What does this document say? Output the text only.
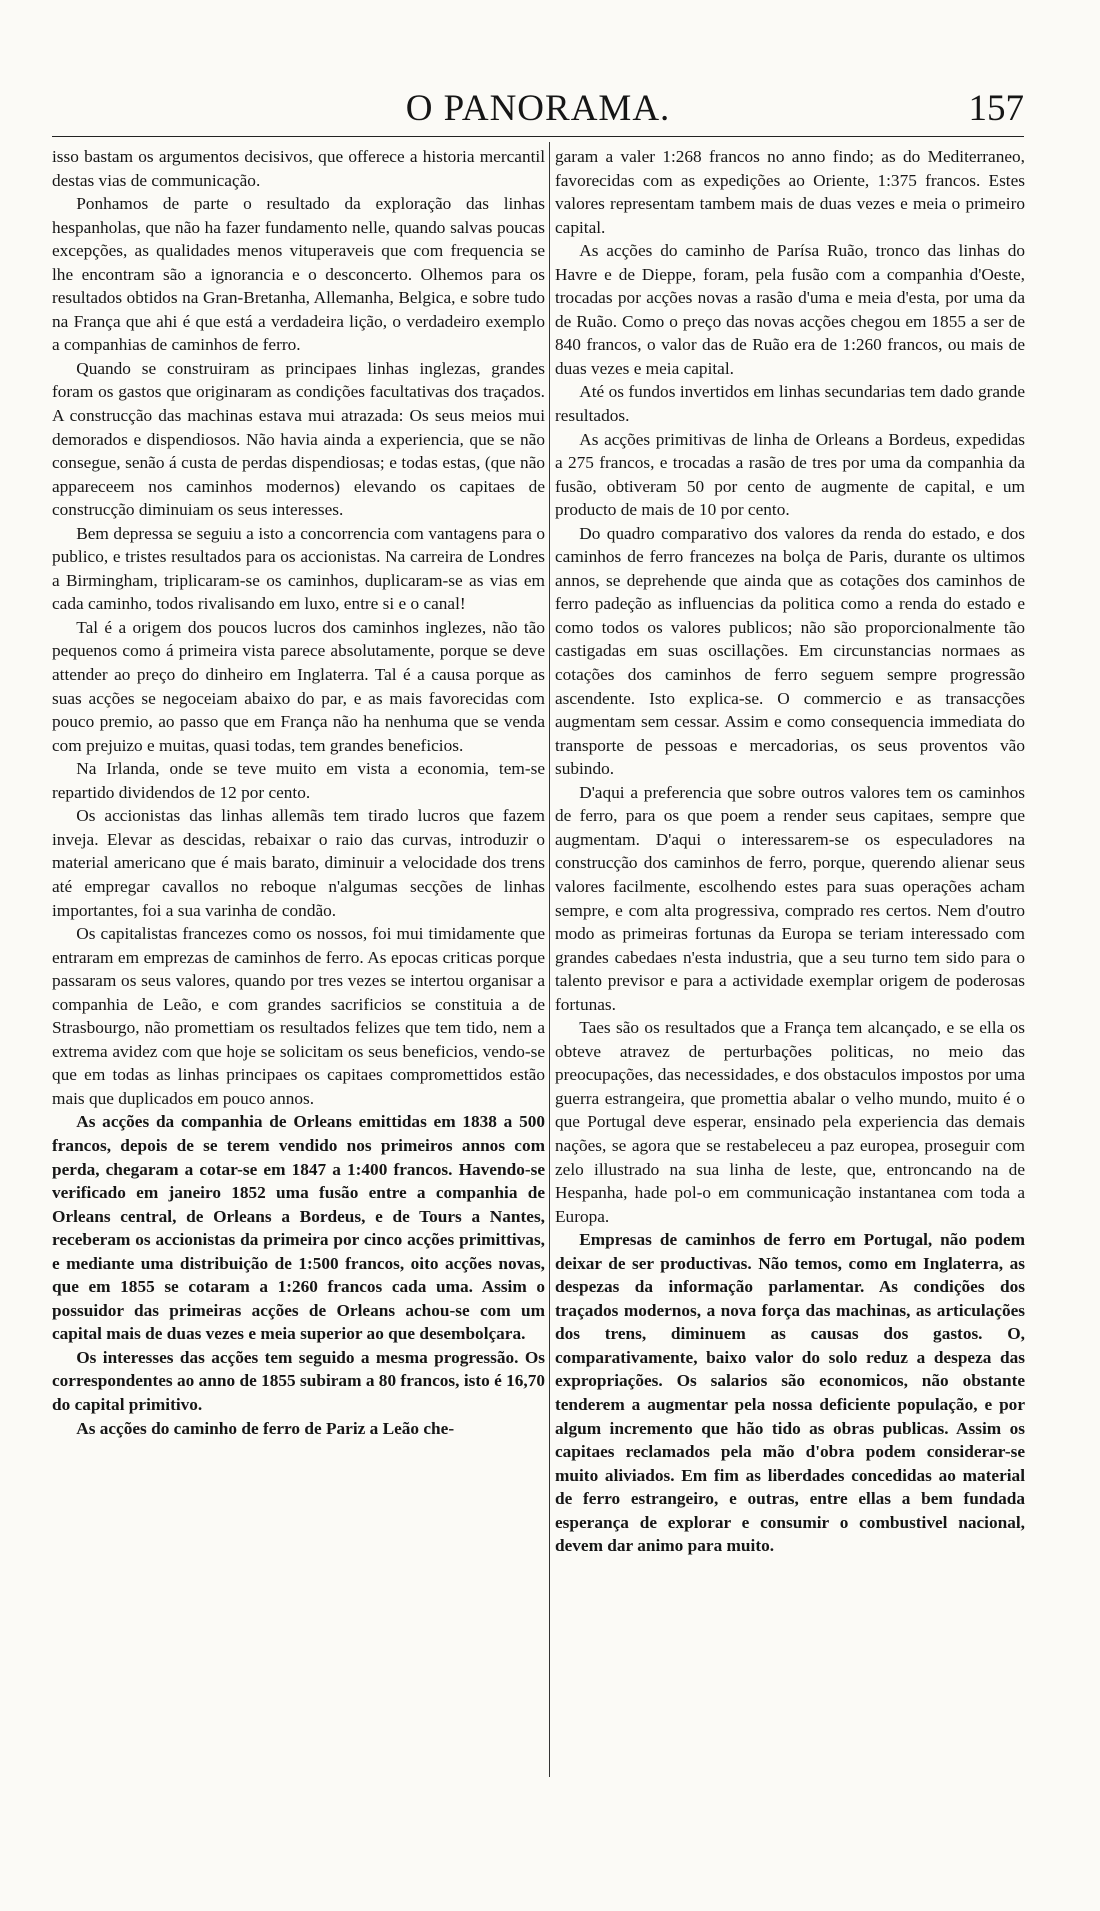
O PANORAMA.	157

isso bastam os argumentos decisivos, que offerece a historia mercantil destas vias de communicação.

Ponhamos de parte o resultado da exploração das linhas hespanholas, que não ha fazer fundamento nelle, quando salvas poucas excepções, as qualidades menos vituperaveis que com frequencia se lhe encontram são a ignorancia e o desconcerto. Olhemos para os resultados obtidos na Gran-Bretanha, Allemanha, Belgica, e sobre tudo na França que ahi é que está a verdadeira lição, o verdadeiro exemplo a companhias de caminhos de ferro.

Quando se construiram as principaes linhas inglezas, grandes foram os gastos que originaram as condições facultativas dos traçados. A construcção das machinas estava mui atrazada: Os seus meios mui demorados e dispendiosos. Não havia ainda a experiencia, que se não consegue, senão á custa de perdas dispendiosas; e todas estas, (que não appareceem nos caminhos modernos) elevando os capitaes de construcção diminuiam os seus interesses.

Bem depressa se seguiu a isto a concorrencia com vantagens para o publico, e tristes resultados para os accionistas. Na carreira de Londres a Birmingham, triplicaram-se os caminhos, duplicaram-se as vias em cada caminho, todos rivalisando em luxo, entre si e o canal!

Tal é a origem dos poucos lucros dos caminhos inglezes, não tão pequenos como á primeira vista parece absolutamente, porque se deve attender ao preço do dinheiro em Inglaterra. Tal é a causa porque as suas acções se negoceiam abaixo do par, e as mais favorecidas com pouco premio, ao passo que em França não ha nenhuma que se venda com prejuizo e muitas, quasi todas, tem grandes beneficios.

Na Irlanda, onde se teve muito em vista a economia, tem-se repartido dividendos de 12 por cento.

Os accionistas das linhas allemãs tem tirado lucros que fazem inveja. Elevar as descidas, rebaixar o raio das curvas, introduzir o material americano que é mais barato, diminuir a velocidade dos trens até empregar cavallos no reboque n'algumas secções de linhas importantes, foi a sua varinha de condão.

Os capitalistas francezes como os nossos, foi mui timidamente que entraram em emprezas de caminhos de ferro. As epocas criticas porque passaram os seus valores, quando por tres vezes se intertou organisar a companhia de Leão, e com grandes sacrificios se constituia a de Strasbourgo, não promettiam os resultados felizes que tem tido, nem a extrema avidez com que hoje se solicitam os seus beneficios, vendo-se que em todas as linhas principaes os capitaes compromettidos estão mais que duplicados em pouco annos.

As acções da companhia de Orleans emittidas em 1838 a 500 francos, depois de se terem vendido nos primeiros annos com perda, chegaram a cotar-se em 1847 a 1:400 francos. Havendo-se verificado em janeiro 1852 uma fusão entre a companhia de Orleans central, de Orleans a Bordeus, e de Tours a Nantes, receberam os accionistas da primeira por cinco acções primittivas, e mediante uma distribuição de 1:500 francos, oito acções novas, que em 1855 se cotaram a 1:260 francos cada uma. Assim o possuidor das primeiras acções de Orleans achou-se com um capital mais de duas vezes e meia superior ao que desembolçara.

Os interesses das acções tem seguido a mesma progressão. Os correspondentes ao anno de 1855 subiram a 80 francos, isto é 16,70 do capital primitivo.

As acções do caminho de ferro de Pariz a Leão che-

garam a valer 1:268 francos no anno findo; as do Mediterraneo, favorecidas com as expedições ao Oriente, 1:375 francos. Estes valores representam tambem mais de duas vezes e meia o primeiro capital.

As acções do caminho de Parísa Ruão, tronco das linhas do Havre e de Dieppe, foram, pela fusão com a companhia d'Oeste, trocadas por acções novas a rasão d'uma e meia d'esta, por uma da de Ruão. Como o preço das novas acções chegou em 1855 a ser de 840 francos, o valor das de Ruão era de 1:260 francos, ou mais de duas vezes e meia capital.

Até os fundos invertidos em linhas secundarias tem dado grande resultados.

As acções primitivas de linha de Orleans a Bordeus, expedidas a 275 francos, e trocadas a rasão de tres por uma da companhia da fusão, obtiveram 50 por cento de augmente de capital, e um producto de mais de 10 por cento.

Do quadro comparativo dos valores da renda do estado, e dos caminhos de ferro francezes na bolça de Paris, durante os ultimos annos, se deprehende que ainda que as cotações dos caminhos de ferro padeção as influencias da politica como a renda do estado e como todos os valores publicos; não são proporcionalmente tão castigadas em suas oscillações. Em circunstancias normaes as cotações dos caminhos de ferro seguem sempre progressão ascendente. Isto explica-se. O commercio e as transacções augmentam sem cessar. Assim e como consequencia immediata do transporte de pessoas e mercadorias, os seus proventos vão subindo.

D'aqui a preferencia que sobre outros valores tem os caminhos de ferro, para os que poem a render seus capitaes, sempre que augmentam. D'aqui o interessarem-se os especuladores na construcção dos caminhos de ferro, porque, querendo alienar seus valores facilmente, escolhendo estes para suas operações acham sempre, e com alta progressiva, comprado res certos. Nem d'outro modo as primeiras fortunas da Europa se teriam interessado com grandes cabedaes n'esta industria, que a seu turno tem sido para o talento previsor e para a actividade exemplar origem de poderosas fortunas.

Taes são os resultados que a França tem alcançado, e se ella os obteve atravez de perturbações politicas, no meio das preocupações, das necessidades, e dos obstaculos impostos por uma guerra estrangeira, que promettia abalar o velho mundo, muito é o que Portugal deve esperar, ensinado pela experiencia das demais nações, se agora que se restabeleceu a paz europea, proseguir com zelo illustrado na sua linha de leste, que, entroncando na de Hespanha, hade pol-o em communicação instantanea com toda a Europa.

Empresas de caminhos de ferro em Portugal, não podem deixar de ser productivas. Não temos, como em Inglaterra, as despezas da informação parlamentar. As condições dos traçados modernos, a nova força das machinas, as articulações dos trens, diminuem as causas dos gastos. O, comparativamente, baixo valor do solo reduz a despeza das expropriações. Os salarios são economicos, não obstante tenderem a augmentar pela nossa deficiente população, e por algum incremento que hão tido as obras publicas. Assim os capitaes reclamados pela mão d'obra podem considerar-se muito aliviados. Em fim as liberdades concedidas ao material de ferro estrangeiro, e outras, entre ellas a bem fundada esperança de explorar e consumir o combustivel nacional, devem dar animo para muito.
